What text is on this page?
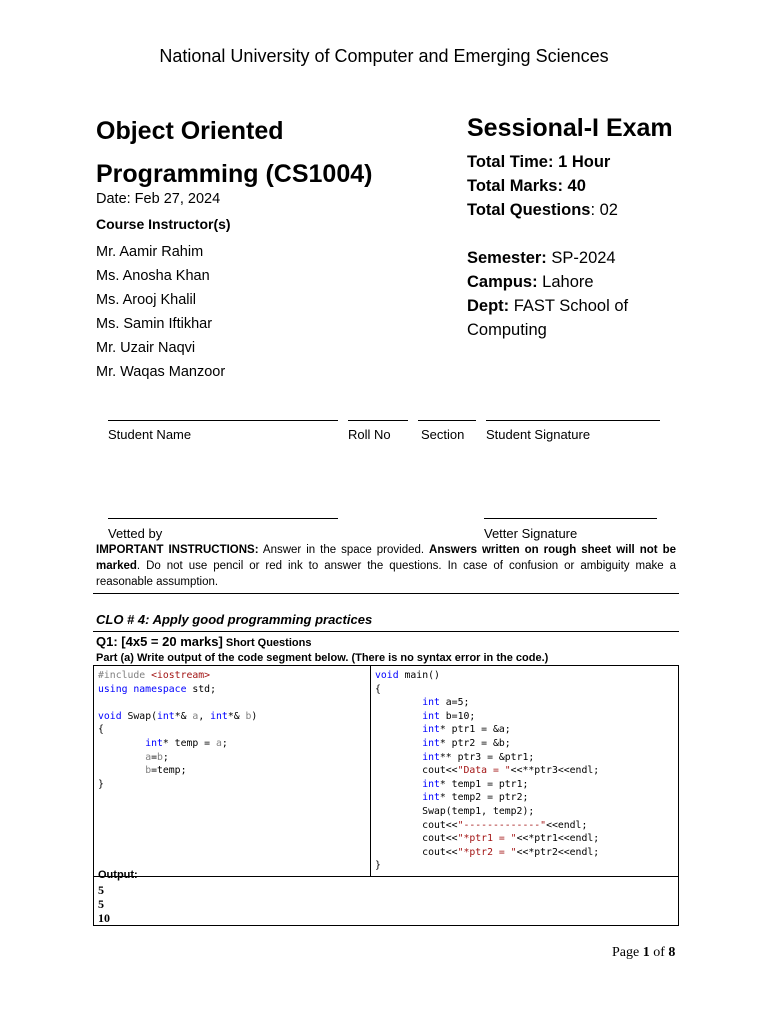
National University of Computer and Emerging Sciences
Object Oriented
Programming (CS1004)
Sessional-I Exam
Total Time: 1 Hour
Total Marks: 40
Total Questions: 02
Semester: SP-2024
Campus: Lahore
Dept: FAST School of
Computing
Date: Feb 27, 2024
Course Instructor(s)
Mr. Aamir Rahim
Ms. Anosha Khan
Ms. Arooj Khalil
Ms. Samin Iftikhar
Mr. Uzair Naqvi
Mr. Waqas Manzoor
Student Name	Roll No Section Student Signature
Vetted by	Vetter Signature
IMPORTANT INSTRUCTIONS: Answer in the space provided. Answers written on rough sheet will not be marked. Do not use pencil or red ink to answer the questions. In case of confusion or ambiguity make a reasonable assumption.
CLO # 4: Apply good programming practices
Q1: [4x5 = 20 marks] Short Questions
Part (a) Write output of the code segment below. (There is no syntax error in the code.)
#include <iostream>
using namespace std;
void Swap(int*& a, int*& b)
{
int* temp = a;
a=b;
b=temp;
}

void main()
{
int a=5;
int b=10;
int* ptr1 = &a;
int* ptr2 = &b;
int** ptr3 = &ptr1;
cout<<"Data = "<<**ptr3<<endl;
int* temp1 = ptr1;
int* temp2 = ptr2;
Swap(temp1, temp2);
cout<<"-------------"<<endl;
cout<<"*ptr1 = "<<*ptr1<<endl;
cout<<"*ptr2 = "<<*ptr2<<endl;
}
Output:
5
5
10
Page 1 of 8
